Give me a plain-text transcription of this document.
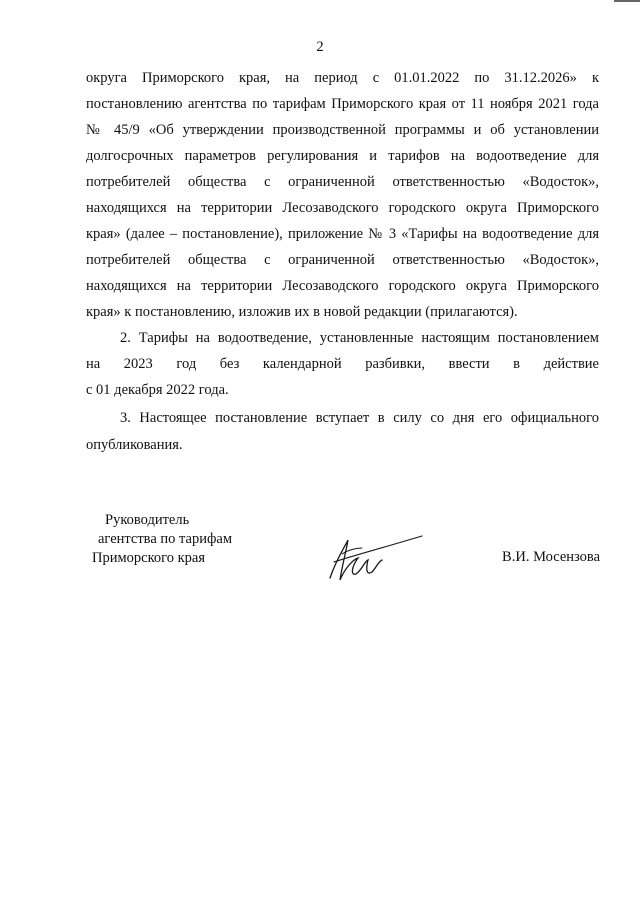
2
округа Приморского края, на период с 01.01.2022 по 31.12.2026» к
постановлению агентства по тарифам Приморского края от 11 ноября 2021 года
№ 45/9 «Об утверждении производственной программы и об установлении
долгосрочных параметров регулирования и тарифов на водоотведение для
потребителей общества с ограниченной ответственностью «Водосток»,
находящихся на территории Лесозаводского городского округа Приморского
края» (далее – постановление), приложение № 3 «Тарифы на водоотведение для
потребителей общества с ограниченной ответственностью «Водосток»,
находящихся на территории Лесозаводского городского округа Приморского
края» к постановлению, изложив их в новой редакции (прилагаются).
2. Тарифы на водоотведение, установленные настоящим постановлением
на 2023 год без календарной разбивки, ввести в действие
с 01 декабря 2022 года.
3. Настоящее постановление вступает в силу со дня его официального
опубликования.
Руководитель
агентства по тарифам
Приморского края	В.И. Мосензова
